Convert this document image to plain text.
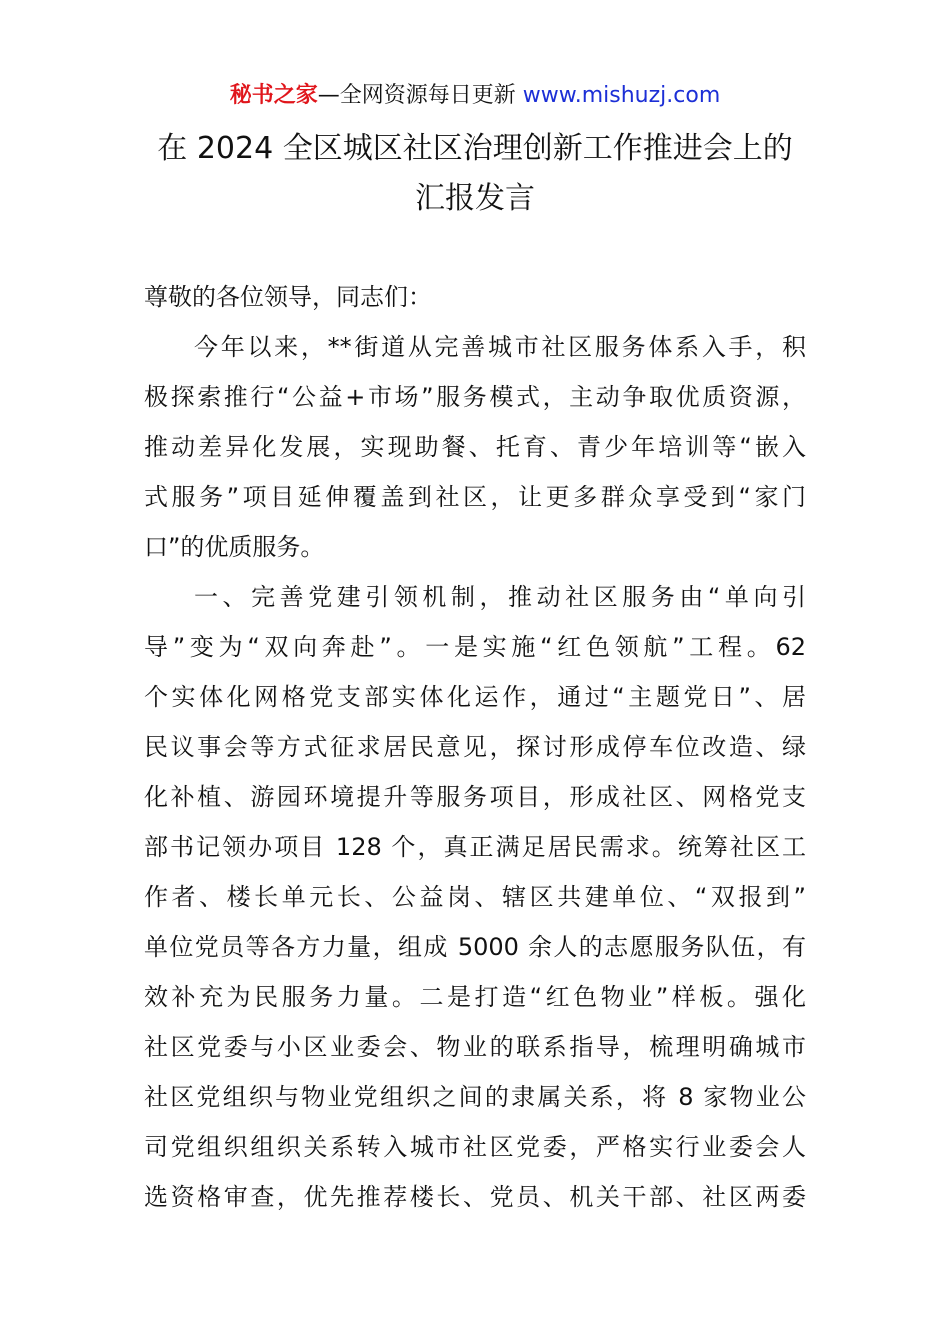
秘书之家—全网资源每日更新 www.mishuzj.com
在 2024 全区城区社区治理创新工作推进会上的
汇报发言
尊敬的各位领导，同志们：
今年以来，**街道从完善城市社区服务体系入手，积
极探索推行“公益+市场”服务模式，主动争取优质资源，
推动差异化发展，实现助餐、托育、青少年培训等“嵌入
式服务”项目延伸覆盖到社区，让更多群众享受到“家门
口”的优质服务。
一、完善党建引领机制，推动社区服务由“单向引
导”变为“双向奔赴”。一是实施“红色领航”工程。62
个实体化网格党支部实体化运作，通过“主题党日”、居
民议事会等方式征求居民意见，探讨形成停车位改造、绿
化补植、游园环境提升等服务项目，形成社区、网格党支
部书记领办项目 128 个，真正满足居民需求。统筹社区工
作者、楼长单元长、公益岗、辖区共建单位、“双报到”
单位党员等各方力量，组成 5000 余人的志愿服务队伍，有
效补充为民服务力量。二是打造“红色物业”样板。强化
社区党委与小区业委会、物业的联系指导，梳理明确城市
社区党组织与物业党组织之间的隶属关系，将 8 家物业公
司党组织组织关系转入城市社区党委，严格实行业委会人
选资格审查，优先推荐楼长、党员、机关干部、社区两委
